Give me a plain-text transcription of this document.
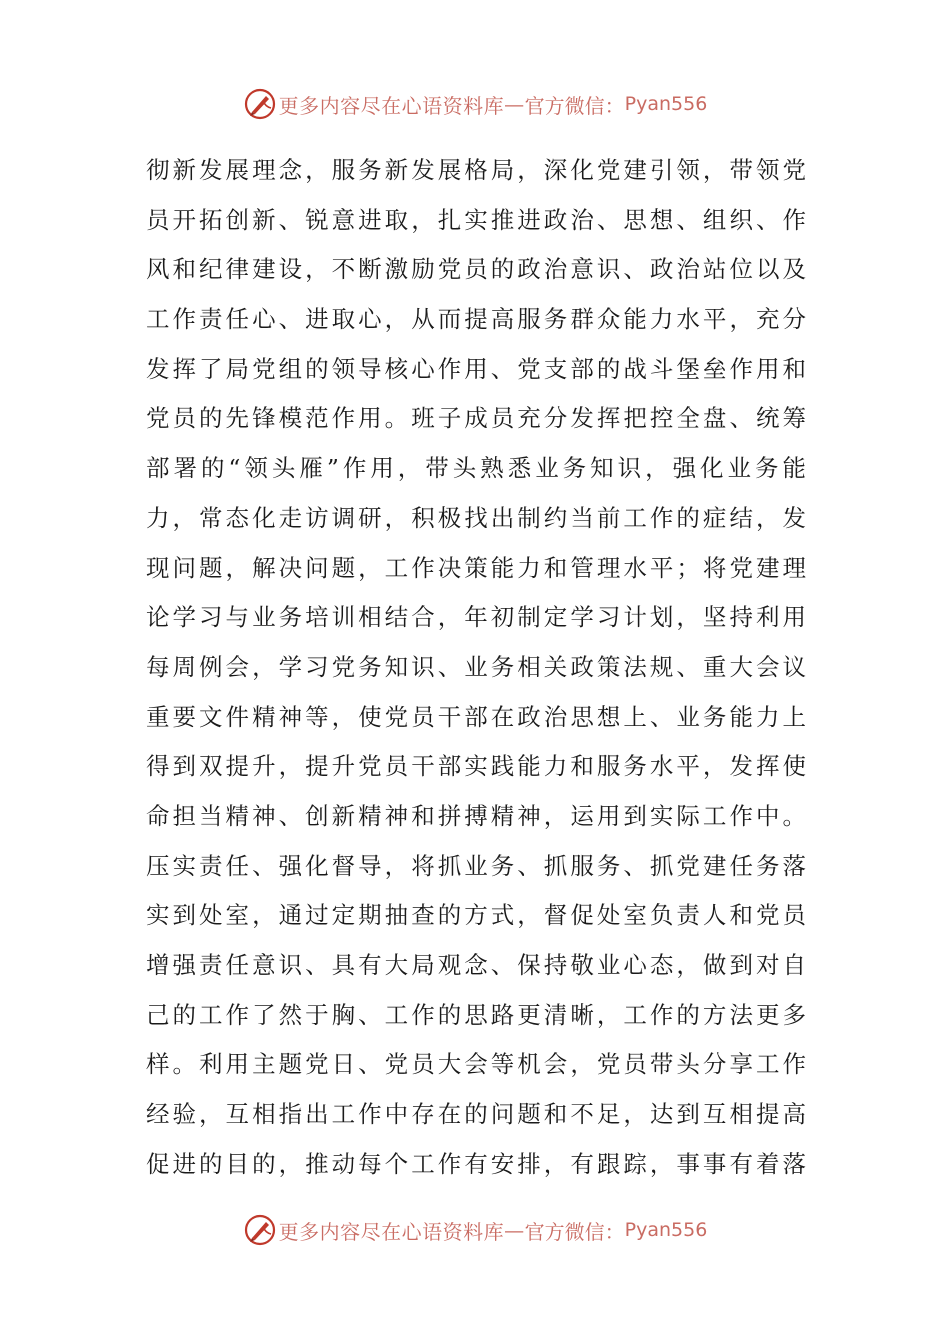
更多内容尽在心语资料库 — 官方微信： Pyan556
彻新发展理念，服务新发展格局，深化党建引领，带领党
员开拓创新、锐意进取，扎实推进政治、思想、组织、作
风和纪律建设，不断激励党员的政治意识、政治站位以及
工作责任心、进取心，从而提高服务群众能力水平，充分
发挥了局党组的领导核心作用、党支部的战斗堡垒作用和
党员的先锋模范作用。班子成员充分发挥把控全盘、统筹
部署的“领头雁”作用，带头熟悉业务知识，强化业务能
力，常态化走访调研，积极找出制约当前工作的症结，发
现问题，解决问题，工作决策能力和管理水平；将党建理
论学习与业务培训相结合，年初制定学习计划，坚持利用
每周例会，学习党务知识、业务相关政策法规、重大会议
重要文件精神等，使党员干部在政治思想上、业务能力上
得到双提升，提升党员干部实践能力和服务水平，发挥使
命担当精神、创新精神和拼搏精神，运用到实际工作中。
压实责任、强化督导，将抓业务、抓服务、抓党建任务落
实到处室，通过定期抽查的方式，督促处室负责人和党员
增强责任意识、具有大局观念、保持敬业心态，做到对自
己的工作了然于胸、工作的思路更清晰，工作的方法更多
样。利用主题党日、党员大会等机会，党员带头分享工作
经验，互相指出工作中存在的问题和不足，达到互相提高
促进的目的，推动每个工作有安排，有跟踪，事事有着落
更多内容尽在心语资料库 — 官方微信： Pyan556
